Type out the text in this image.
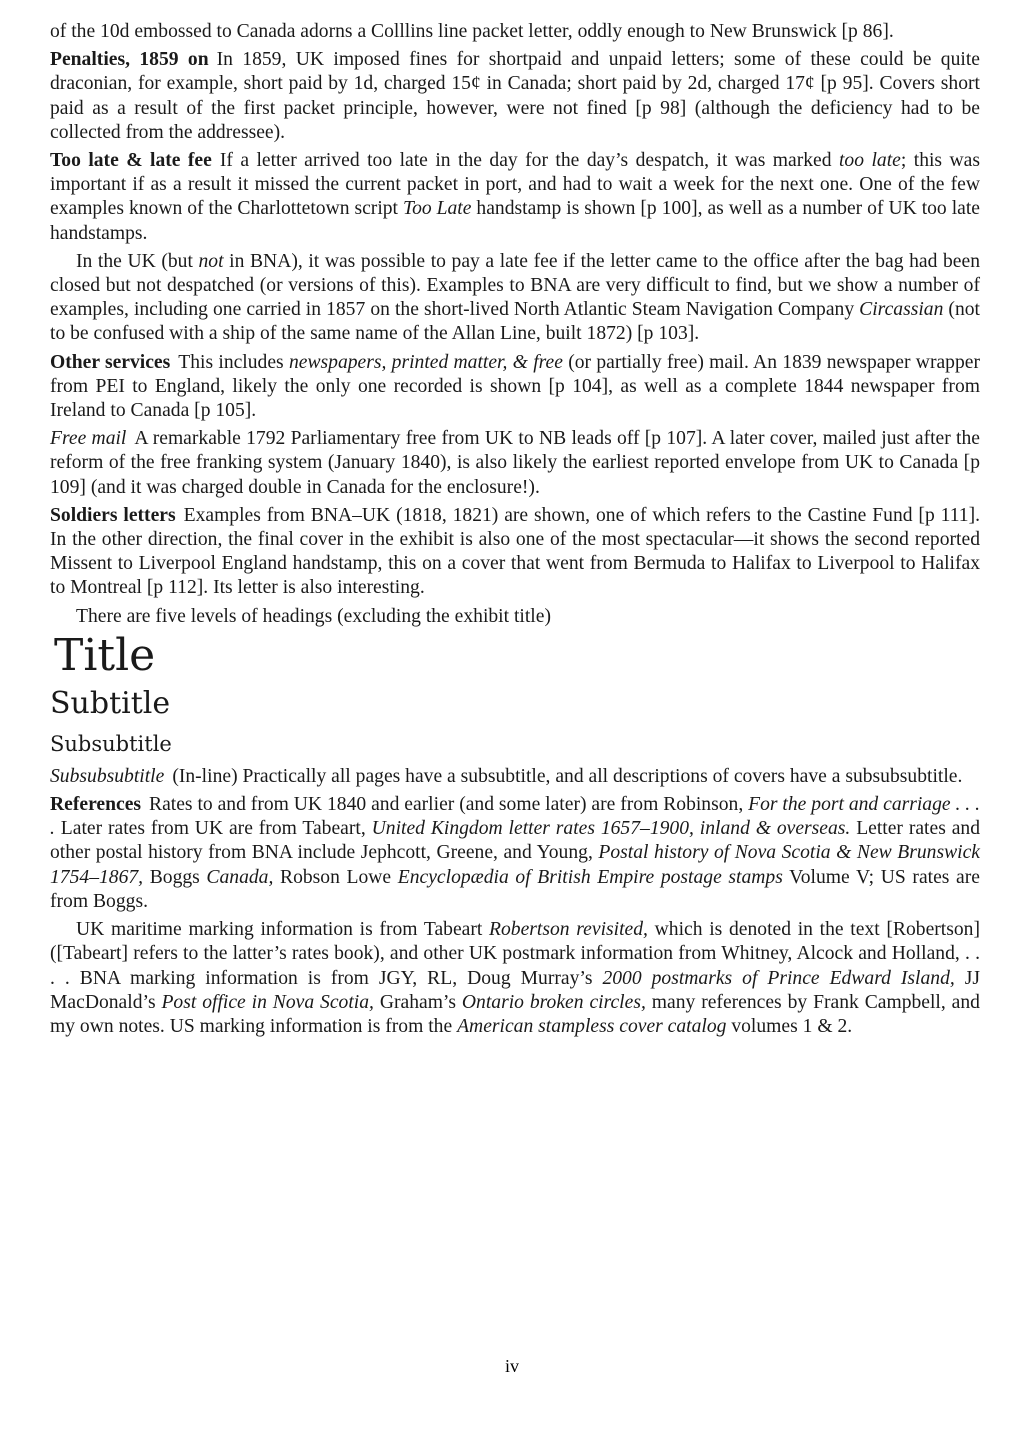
of the 10d embossed to Canada adorns a Colllins line packet letter, oddly enough to New Brunswick [p 86].

Penalties, 1859 on In 1859, UK imposed fines for shortpaid and unpaid letters; some of these could be quite draconian, for example, short paid by 1d, charged 15¢ in Canada; short paid by 2d, charged 17¢ [p 95]. Covers short paid as a result of the first packet principle, however, were not fined [p 98] (although the deficiency had to be collected from the addressee).

Too late & late fee If a letter arrived too late in the day for the day’s despatch, it was marked too late; this was important if as a result it missed the current packet in port, and had to wait a week for the next one. One of the few examples known of the Charlottetown script Too Late handstamp is shown [p 100], as well as a number of UK too late handstamps.

In the UK (but not in BNA), it was possible to pay a late fee if the letter came to the office after the bag had been closed but not despatched (or versions of this). Examples to BNA are very difficult to find, but we show a number of examples, including one carried in 1857 on the short-lived North Atlantic Steam Navigation Company Circassian (not to be confused with a ship of the same name of the Allan Line, built 1872) [p 103].

Other services This includes newspapers, printed matter, & free (or partially free) mail. An 1839 newspaper wrapper from PEI to England, likely the only one recorded is shown [p 104], as well as a complete 1844 newspaper from Ireland to Canada [p 105].

Free mail A remarkable 1792 Parliamentary free from UK to NB leads off [p 107]. A later cover, mailed just after the reform of the free franking system (January 1840), is also likely the earliest reported envelope from UK to Canada [p 109] (and it was charged double in Canada for the enclosure!).

Soldiers letters Examples from BNA–UK (1818, 1821) are shown, one of which refers to the Castine Fund [p 111]. In the other direction, the final cover in the exhibit is also one of the most spectacular—it shows the second reported Missent to Liverpool England handstamp, this on a cover that went from Bermuda to Halifax to Liverpool to Halifax to Montreal [p 112]. Its letter is also interesting.

There are five levels of headings (excluding the exhibit title)

Title
Subtitle
Subsubtitle

Subsubsubtitle (In-line) Practically all pages have a subsubtitle, and all descriptions of covers have a subsubsubtitle.

References Rates to and from UK 1840 and earlier (and some later) are from Robinson, For the port and carriage . . . . Later rates from UK are from Tabeart, United Kingdom letter rates 1657–1900, inland & overseas. Letter rates and other postal history from BNA include Jephcott, Greene, and Young, Postal history of Nova Scotia & New Brunswick 1754–1867, Boggs Canada, Robson Lowe Encyclopædia of British Empire postage stamps Volume V; US rates are from Boggs.

UK maritime marking information is from Tabeart Robertson revisited, which is denoted in the text [Robertson] ([Tabeart] refers to the latter’s rates book), and other UK postmark information from Whitney, Alcock and Holland, . . . . BNA marking information is from JGY, RL, Doug Murray’s 2000 postmarks of Prince Edward Island, JJ MacDonald’s Post office in Nova Scotia, Graham’s Ontario broken circles, many references by Frank Campbell, and my own notes. US marking information is from the American stampless cover catalog volumes 1 & 2.

iv
